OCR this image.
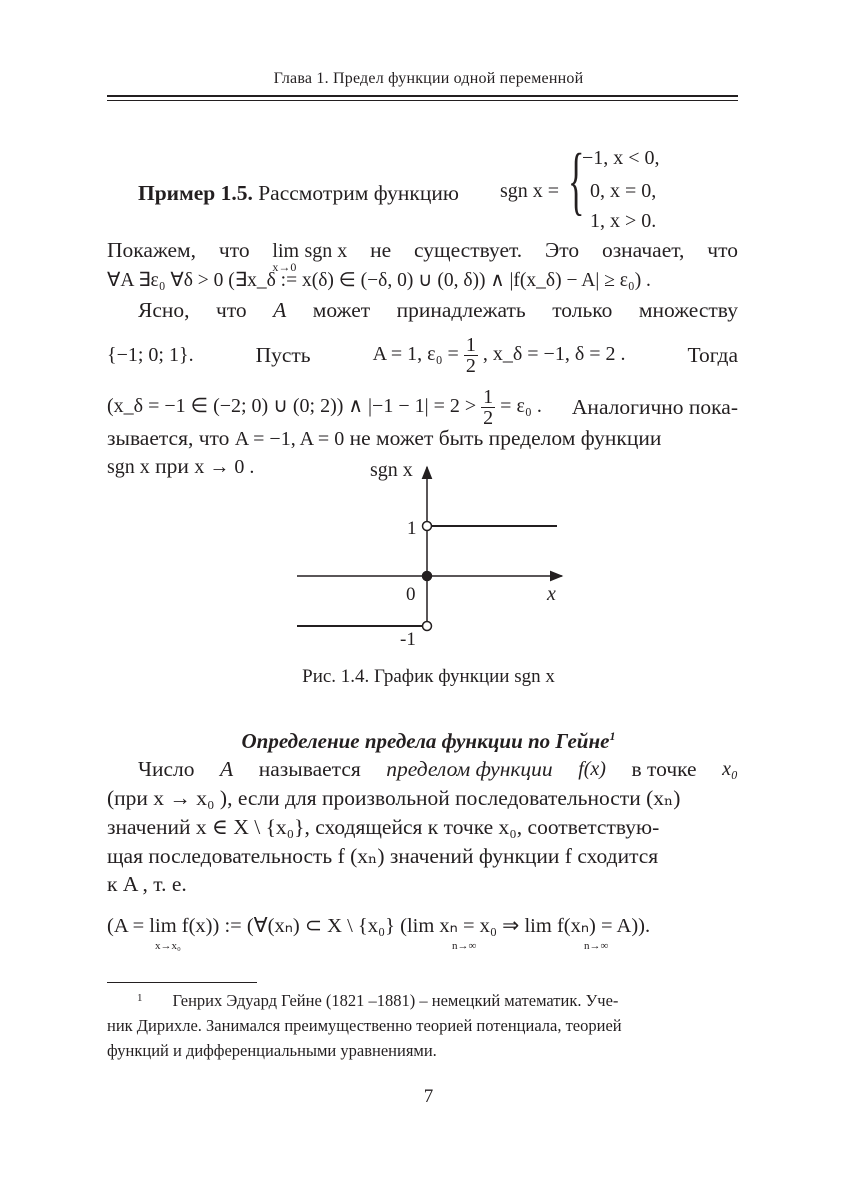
Глава 1. Предел функции одной переменной
Пример 1.5. Рассмотрим функцию sgn x = {
−1, x < 0,
0, x = 0,
1, x > 0.
Покажем, что lim
x→0
sgn x не существует. Это означает, что
∀A ∃ε₀ ∀δ > 0 (∃x_δ := x(δ) ∈ (−δ, 0) ∪ (0, δ)) ∧ |f(x_δ) − A| ≥ ε₀) .
Ясно, что A может принадлежать только множеству
{−1; 0; 1}.	Пусть	A = 1, $\varepsilon_0 = \frac{1}{2}$ , x_δ = −1, δ = 2 .	Тогда
(x_δ = −1 ∈ (−2; 0) ∪ (0; 2)) ∧ $|-1 - 1| = 2 > \frac{1}{2} = \varepsilon_0$ . Аналогично пока-
зывается, что A = −1, A = 0 не может быть пределом функции
sgn x при x → 0 .	sgn x
x
1
0
-1
Рис. 1.4. График функции sgn x
Определение предела функции по Гейне$^1$
Число A называется пределом функции f(x) в точке x₀
(при x → x₀ ), если для произвольной последовательности (xₙ)
значений x ∈ X \ {x₀}, сходящейся к точке x₀, соответствую-
щая последовательность f (xₙ) значений функции f сходится
к A , т. е.
(A = lim f(x)) := (∀(xₙ) ⊂ X \ {x₀} (lim xₙ = x₀ ⇒ lim f(xₙ) = A)).
x→x₀	n→∞	n→∞
$^1$ Генрих Эдуард Гейне (1821 –1881) – немецкий математик. Уче-
ник Дирихле. Занимался преимущественно теорией потенциала, теорией
функций и дифференциальными уравнениями.
7
